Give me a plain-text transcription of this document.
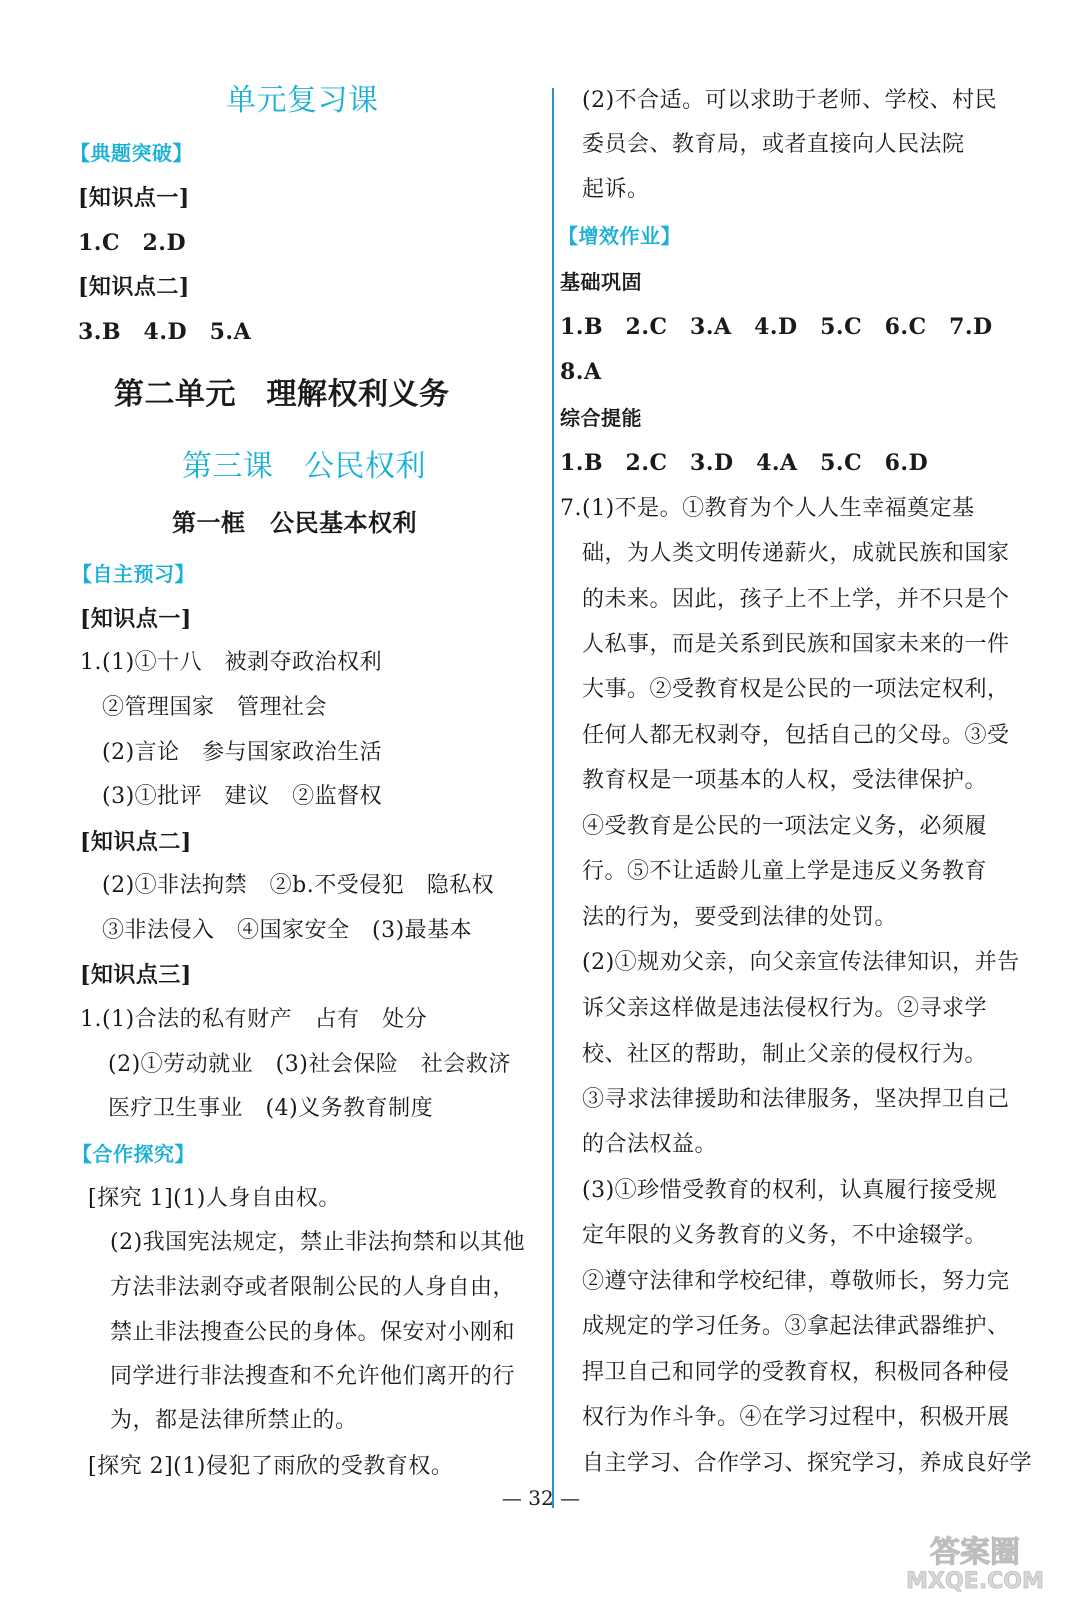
单元复习课
【典题突破】
[知识点一]
1.C　2.D
[知识点二]
3.B　4.D　5.A
第二单元　理解权利义务
第三课　公民权利
第一框　公民基本权利
【自主预习】
[知识点一]
1.(1)①十八　被剥夺政治权利
②管理国家　管理社会
(2)言论　参与国家政治生活
(3)①批评　建议　②监督权
[知识点二]
(2)①非法拘禁　②b.不受侵犯　隐私权
③非法侵入　④国家安全　(3)最基本
[知识点三]
1.(1)合法的私有财产　占有　处分
(2)①劳动就业　(3)社会保险　社会救济
医疗卫生事业　(4)义务教育制度
【合作探究】
[探究 1](1)人身自由权。
(2)我国宪法规定，禁止非法拘禁和以其他
方法非法剥夺或者限制公民的人身自由，
禁止非法搜查公民的身体。保安对小刚和
同学进行非法搜查和不允许他们离开的行
为，都是法律所禁止的。
[探究 2](1)侵犯了雨欣的受教育权。
(2)不合适。可以求助于老师、学校、村民
委员会、教育局，或者直接向人民法院
起诉。
【增效作业】
基础巩固
1.B　2.C　3.A　4.D　5.C　6.C　7.D
8.A
综合提能
1.B　2.C　3.D　4.A　5.C　6.D
7.(1)不是。①教育为个人人生幸福奠定基
础，为人类文明传递薪火，成就民族和国家
的未来。因此，孩子上不上学，并不只是个
人私事，而是关系到民族和国家未来的一件
大事。②受教育权是公民的一项法定权利，
任何人都无权剥夺，包括自己的父母。③受
教育权是一项基本的人权，受法律保护。
④受教育是公民的一项法定义务，必须履
行。⑤不让适龄儿童上学是违反义务教育
法的行为，要受到法律的处罚。
(2)①规劝父亲，向父亲宣传法律知识，并告
诉父亲这样做是违法侵权行为。②寻求学
校、社区的帮助，制止父亲的侵权行为。
③寻求法律援助和法律服务，坚决捍卫自己
的合法权益。
(3)①珍惜受教育的权利，认真履行接受规
定年限的义务教育的义务，不中途辍学。
②遵守法律和学校纪律，尊敬师长，努力完
成规定的学习任务。③拿起法律武器维护、
捍卫自己和同学的受教育权，积极同各种侵
权行为作斗争。④在学习过程中，积极开展
自主学习、合作学习、探究学习，养成良好学
— 32 —
答案圈
MXQE.COM
